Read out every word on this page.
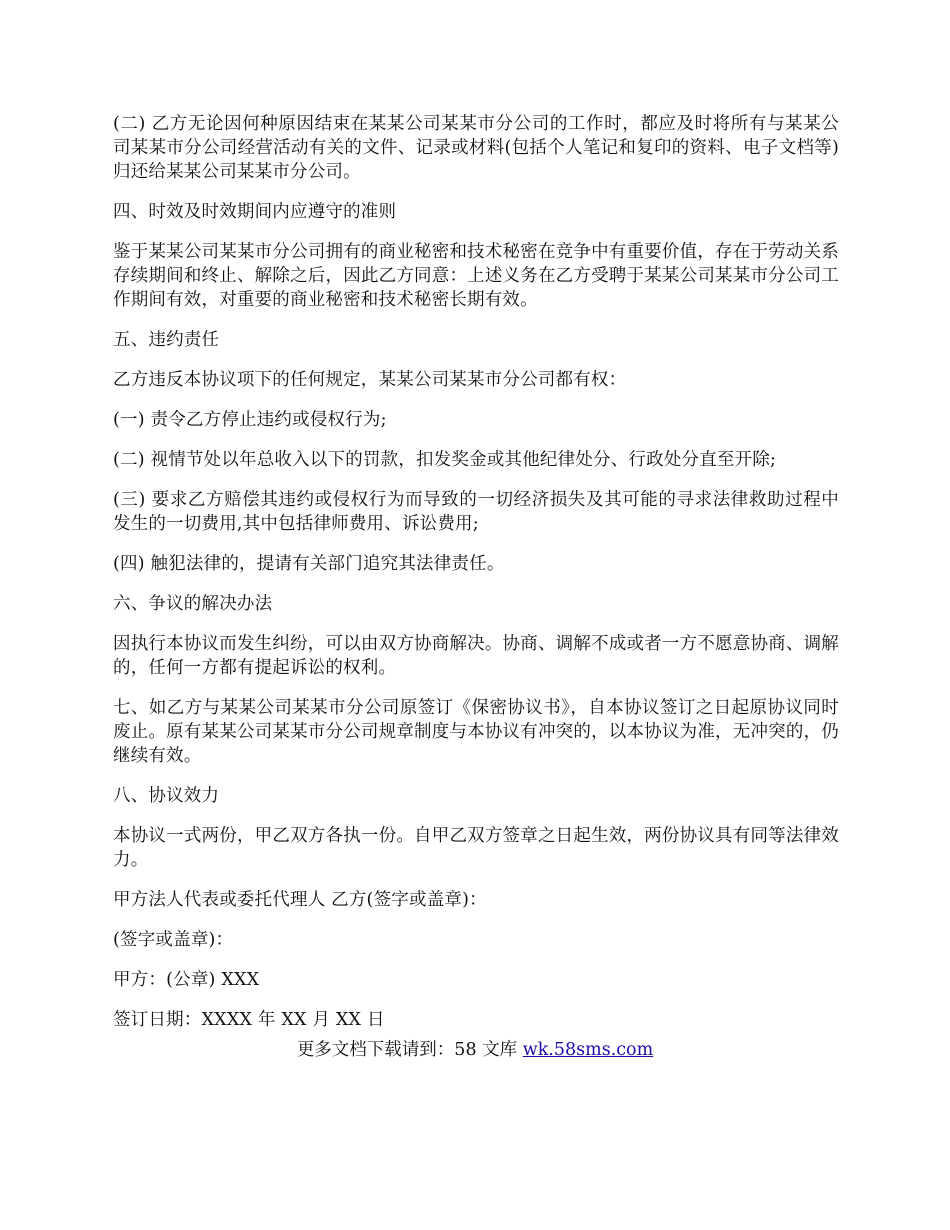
(二) 乙方无论因何种原因结束在某某公司某某市分公司的工作时，都应及时将所有与某某公司某某市分公司经营活动有关的文件、记录或材料(包括个人笔记和复印的资料、电子文档等)归还给某某公司某某市分公司。

四、时效及时效期间内应遵守的准则

鉴于某某公司某某市分公司拥有的商业秘密和技术秘密在竞争中有重要价值，存在于劳动关系存续期间和终止、解除之后，因此乙方同意：上述义务在乙方受聘于某某公司某某市分公司工作期间有效，对重要的商业秘密和技术秘密长期有效。

五、违约责任

乙方违反本协议项下的任何规定，某某公司某某市分公司都有权：

(一) 责令乙方停止违约或侵权行为;

(二) 视情节处以年总收入以下的罚款，扣发奖金或其他纪律处分、行政处分直至开除;

(三) 要求乙方赔偿其违约或侵权行为而导致的一切经济损失及其可能的寻求法律救助过程中发生的一切费用,其中包括律师费用、诉讼费用;

(四) 触犯法律的，提请有关部门追究其法律责任。

六、争议的解决办法

因执行本协议而发生纠纷，可以由双方协商解决。协商、调解不成或者一方不愿意协商、调解的，任何一方都有提起诉讼的权利。

七、如乙方与某某公司某某市分公司原签订《保密协议书》，自本协议签订之日起原协议同时废止。原有某某公司某某市分公司规章制度与本协议有冲突的，以本协议为准，无冲突的，仍继续有效。

八、协议效力

本协议一式两份，甲乙双方各执一份。自甲乙双方签章之日起生效，两份协议具有同等法律效力。

甲方法人代表或委托代理人 乙方(签字或盖章)：

(签字或盖章)：

甲方：(公章) XXX

签订日期：XXXX 年 XX 月 XX 日

更多文档下载请到：58 文库 wk.58sms.com
